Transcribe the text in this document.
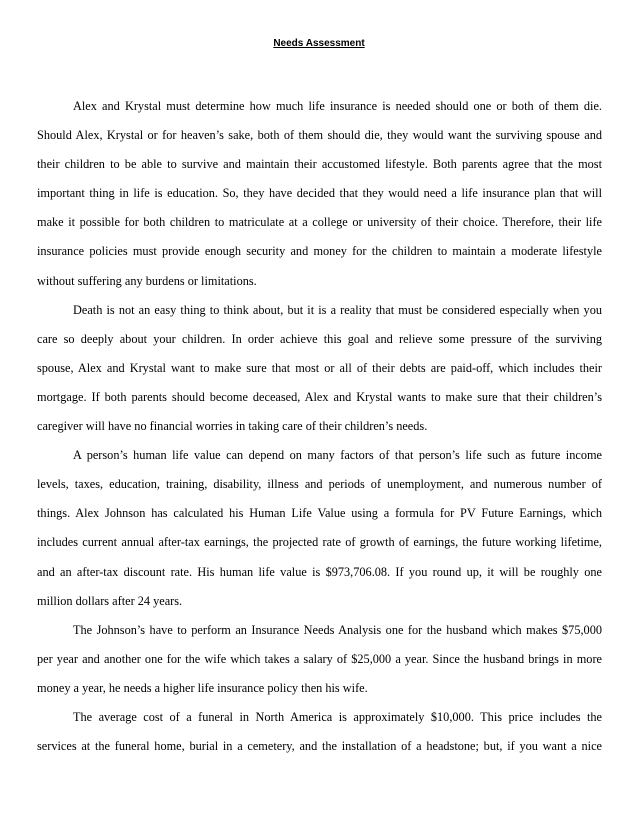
Needs Assessment

Alex and Krystal must determine how much life insurance is needed should one or both of them die.
Should Alex, Krystal or for heaven’s sake, both of them should die, they would want the surviving spouse and
their children to be able to survive and maintain their accustomed lifestyle. Both parents agree that the most
important thing in life is education. So, they have decided that they would need a life insurance plan that will
make it possible for both children to matriculate at a college or university of their choice. Therefore, their life
insurance policies must provide enough security and money for the children to maintain a moderate lifestyle
without suffering any burdens or limitations.

Death is not an easy thing to think about, but it is a reality that must be considered especially when you
care so deeply about your children. In order achieve this goal and relieve some pressure of the surviving
spouse, Alex and Krystal want to make sure that most or all of their debts are paid-off, which includes their
mortgage. If both parents should become deceased, Alex and Krystal wants to make sure that their children’s
caregiver will have no financial worries in taking care of their children’s needs.

A person’s human life value can depend on many factors of that person’s life such as future income
levels, taxes, education, training, disability, illness and periods of unemployment, and numerous number of
things. Alex Johnson has calculated his Human Life Value using a formula for PV Future Earnings, which
includes current annual after-tax earnings, the projected rate of growth of earnings, the future working lifetime,
and an after-tax discount rate. His human life value is $973,706.08. If you round up, it will be roughly one
million dollars after 24 years.

The Johnson’s have to perform an Insurance Needs Analysis one for the husband which makes $75,000
per year and another one for the wife which takes a salary of $25,000 a year. Since the husband brings in more
money a year, he needs a higher life insurance policy then his wife.

The average cost of a funeral in North America is approximately $10,000. This price includes the
services at the funeral home, burial in a cemetery, and the installation of a headstone; but, if you want a nice
